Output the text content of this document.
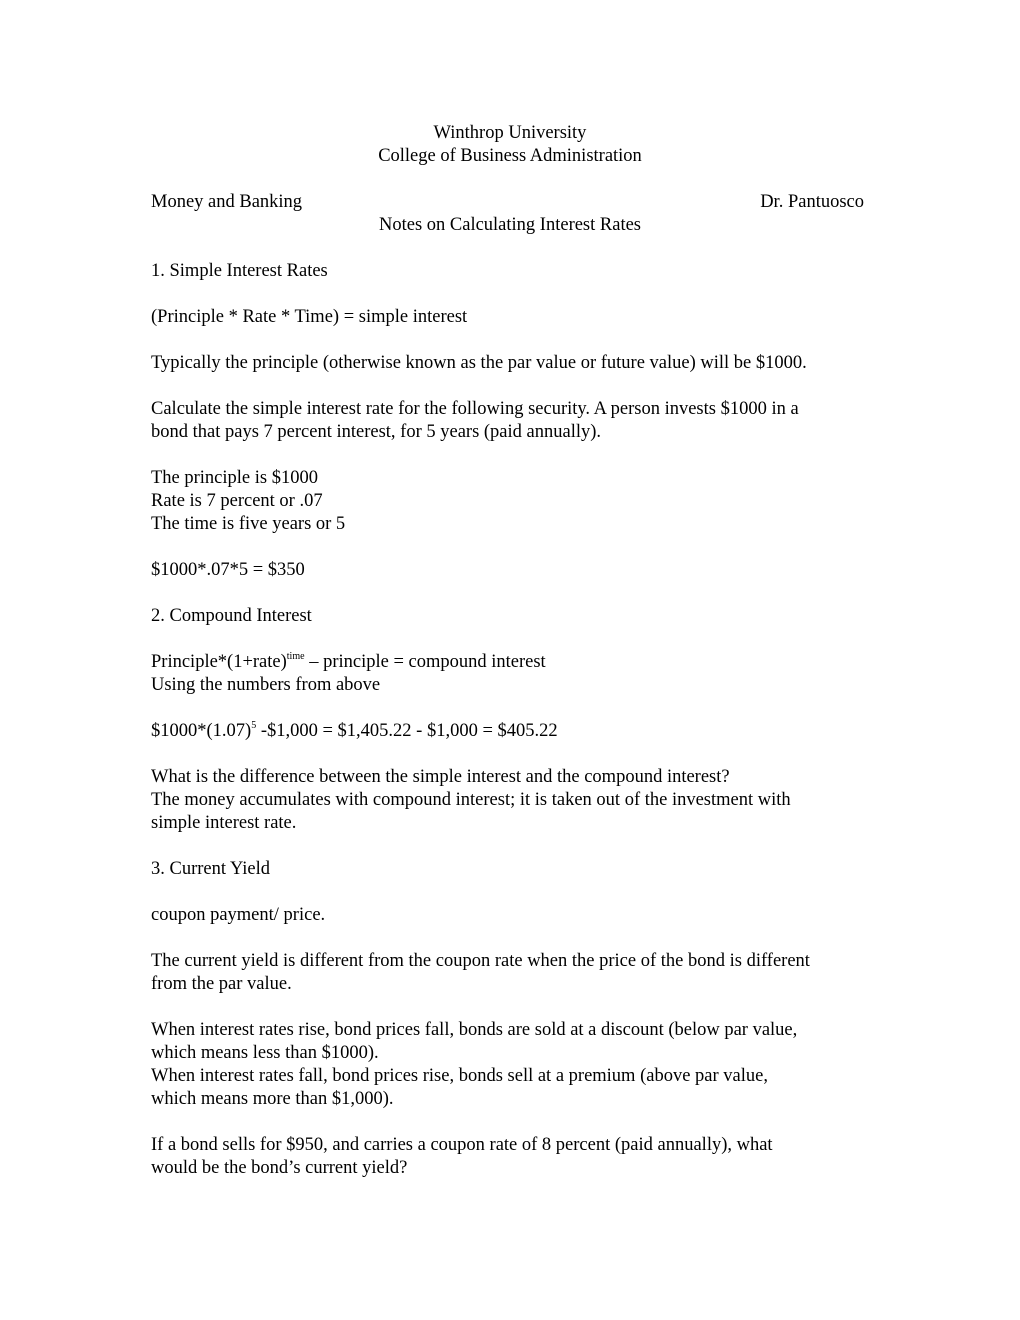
Winthrop University
College of Business Administration
Money and Banking	Dr. Pantuosco
Notes on Calculating Interest Rates
1. Simple Interest Rates
(Principle * Rate * Time) = simple interest
Typically the principle (otherwise known as the par value or future value) will be $1000.
Calculate the simple interest rate for the following security. A person invests $1000 in a
bond that pays 7 percent interest, for 5 years (paid annually).
The principle is $1000
Rate is 7 percent or .07
The time is five years or 5
$1000*.07*5 = $350
2. Compound Interest
Principle*(1+rate)$^{time}$ – principle = compound interest
Using the numbers from above
$\$1000*(1.07)^5$ -$1,000 = $1,405.22 - $1,000 = $405.22
What is the difference between the simple interest and the compound interest?
The money accumulates with compound interest; it is taken out of the investment with
simple interest rate.
3. Current Yield
coupon payment/ price.
The current yield is different from the coupon rate when the price of the bond is different
from the par value.
When interest rates rise, bond prices fall, bonds are sold at a discount (below par value,
which means less than $1000).
When interest rates fall, bond prices rise, bonds sell at a premium (above par value,
which means more than $1,000).
If a bond sells for $950, and carries a coupon rate of 8 percent (paid annually), what
would be the bond’s current yield?
